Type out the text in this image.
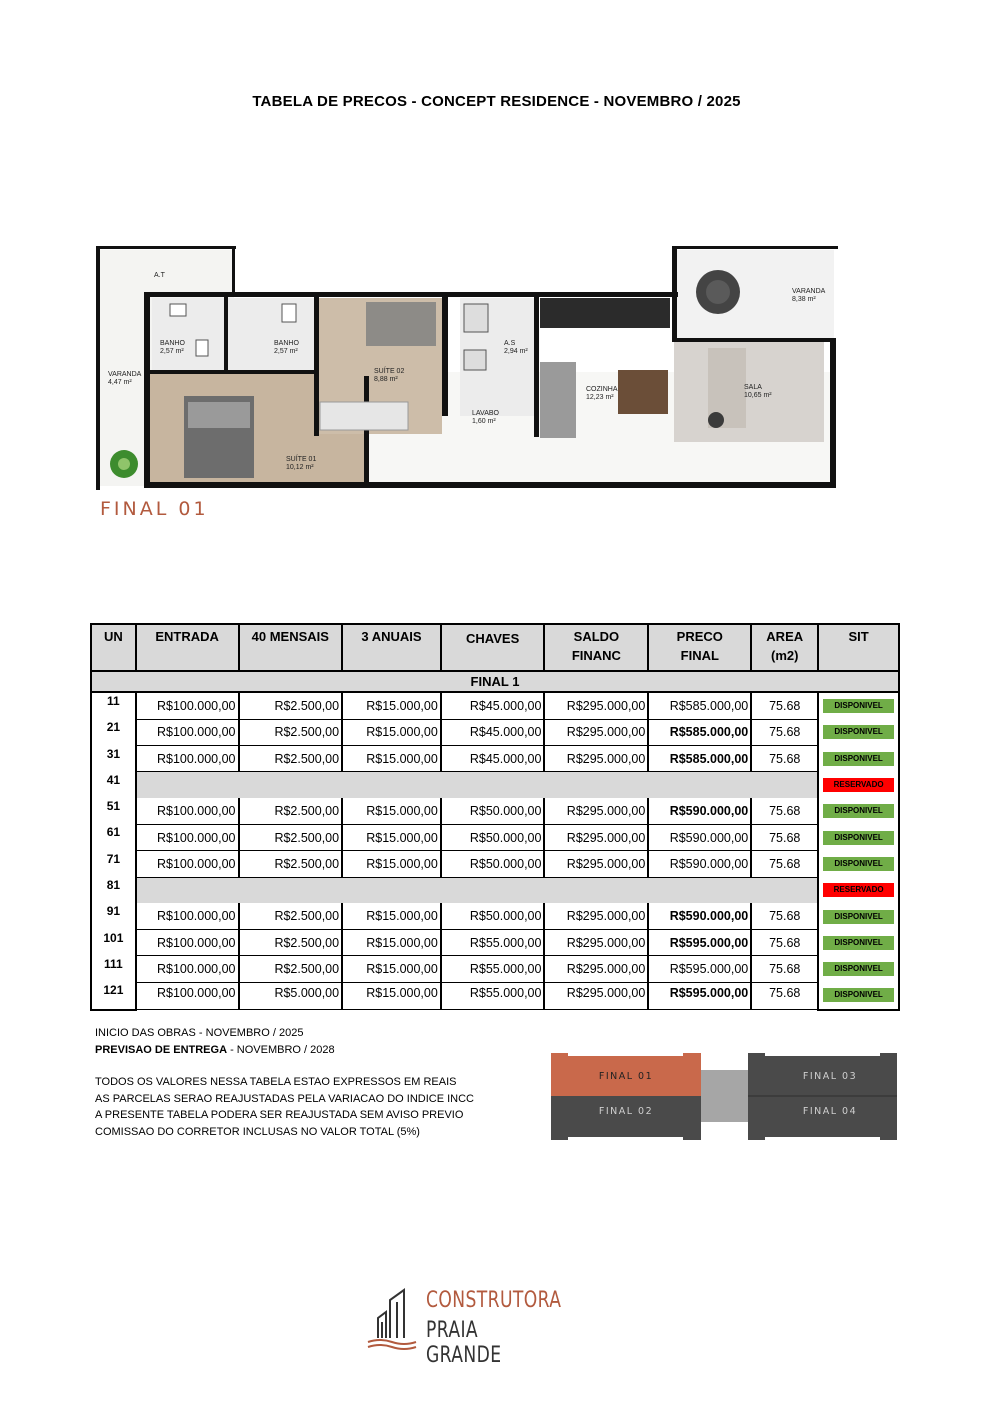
TABELA DE PRECOS - CONCEPT RESIDENCE - NOVEMBRO / 2025
A.T
BANHO
2,57 m²
BANHO
2,57 m²
VARANDA
4,47 m²
SUÍTE 02
8,88 m²
SUÍTE 01
10,12 m²
A.S
2,94 m²
LAVABO
1,60 m²
COZINHA
12,23 m²
SALA
10,65 m²
VARANDA
8,38 m²
FINAL 01
UN	ENTRADA	40 MENSAIS	3 ANUAIS	CHAVES	SALDO FINANC	PRECO FINAL	AREA (m2)	SIT
FINAL 1								
11	R$100.000,00	R$2.500,00	R$15.000,00	R$45.000,00	R$295.000,00	R$585.000,00	75.68	DISPONIVEL

21	R$100.000,00	R$2.500,00	R$15.000,00	R$45.000,00	R$295.000,00	R$585.000,00	75.68	DISPONIVEL

31	R$100.000,00	R$2.500,00	R$15.000,00	R$45.000,00	R$295.000,00	R$585.000,00	75.68	DISPONIVEL

41								RESERVADO

51	R$100.000,00	R$2.500,00	R$15.000,00	R$50.000,00	R$295.000,00	R$590.000,00	75.68	DISPONIVEL

61	R$100.000,00	R$2.500,00	R$15.000,00	R$50.000,00	R$295.000,00	R$590.000,00	75.68	DISPONIVEL

71	R$100.000,00	R$2.500,00	R$15.000,00	R$50.000,00	R$295.000,00	R$590.000,00	75.68	DISPONIVEL

81								RESERVADO

91	R$100.000,00	R$2.500,00	R$15.000,00	R$50.000,00	R$295.000,00	R$590.000,00	75.68	DISPONIVEL

101	R$100.000,00	R$2.500,00	R$15.000,00	R$55.000,00	R$295.000,00	R$595.000,00	75.68	DISPONIVEL

111	R$100.000,00	R$2.500,00	R$15.000,00	R$55.000,00	R$295.000,00	R$595.000,00	75.68	DISPONIVEL

121	R$100.000,00	R$5.000,00	R$15.000,00	R$55.000,00	R$295.000,00	R$595.000,00	75.68	DISPONIVEL
INICIO DAS OBRAS - NOVEMBRO / 2025
PREVISAO DE ENTREGA - NOVEMBRO / 2028
TODOS OS VALORES NESSA TABELA ESTAO EXPRESSOS EM REAIS
AS PARCELAS SERAO REAJUSTADAS PELA VARIACAO DO INDICE INCC
A PRESENTE TABELA PODERA SER REAJUSTADA SEM AVISO PREVIO
COMISSAO DO CORRETOR INCLUSAS NO VALOR TOTAL (5%)
FINAL 01
FINAL 02
FINAL 03
FINAL 04
CONSTRUTORA
PRAIA GRANDE
